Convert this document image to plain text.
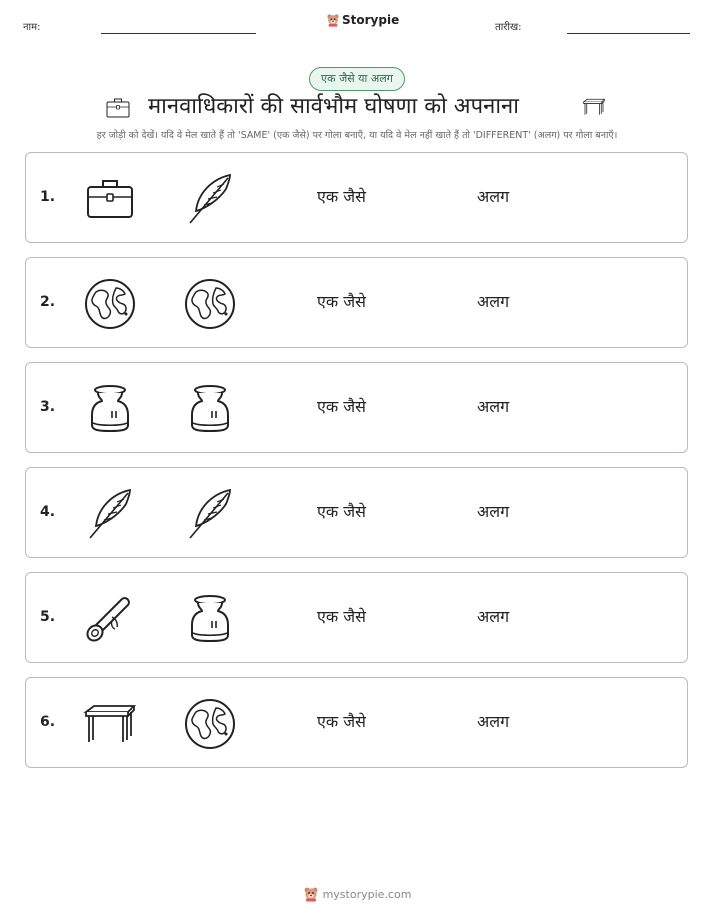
नाम:
Storypie
तारीख:
एक जैसे या अलग
मानवाधिकारों की सार्वभौम घोषणा को अपनाना
हर जोड़ी को देखें। यदि वे मेल खाते हैं तो 'SAME' (एक जैसे) पर गोला बनाएँ, या यदि वे मेल नहीं खाते हैं तो 'DIFFERENT' (अलग) पर गोला बनाएँ।
1.	एक जैसे	अलग
2.	एक जैसे	अलग
3.	एक जैसे	अलग
4.	एक जैसे	अलग
5.	एक जैसे	अलग
6.	एक जैसे	अलग
mystorypie.com
